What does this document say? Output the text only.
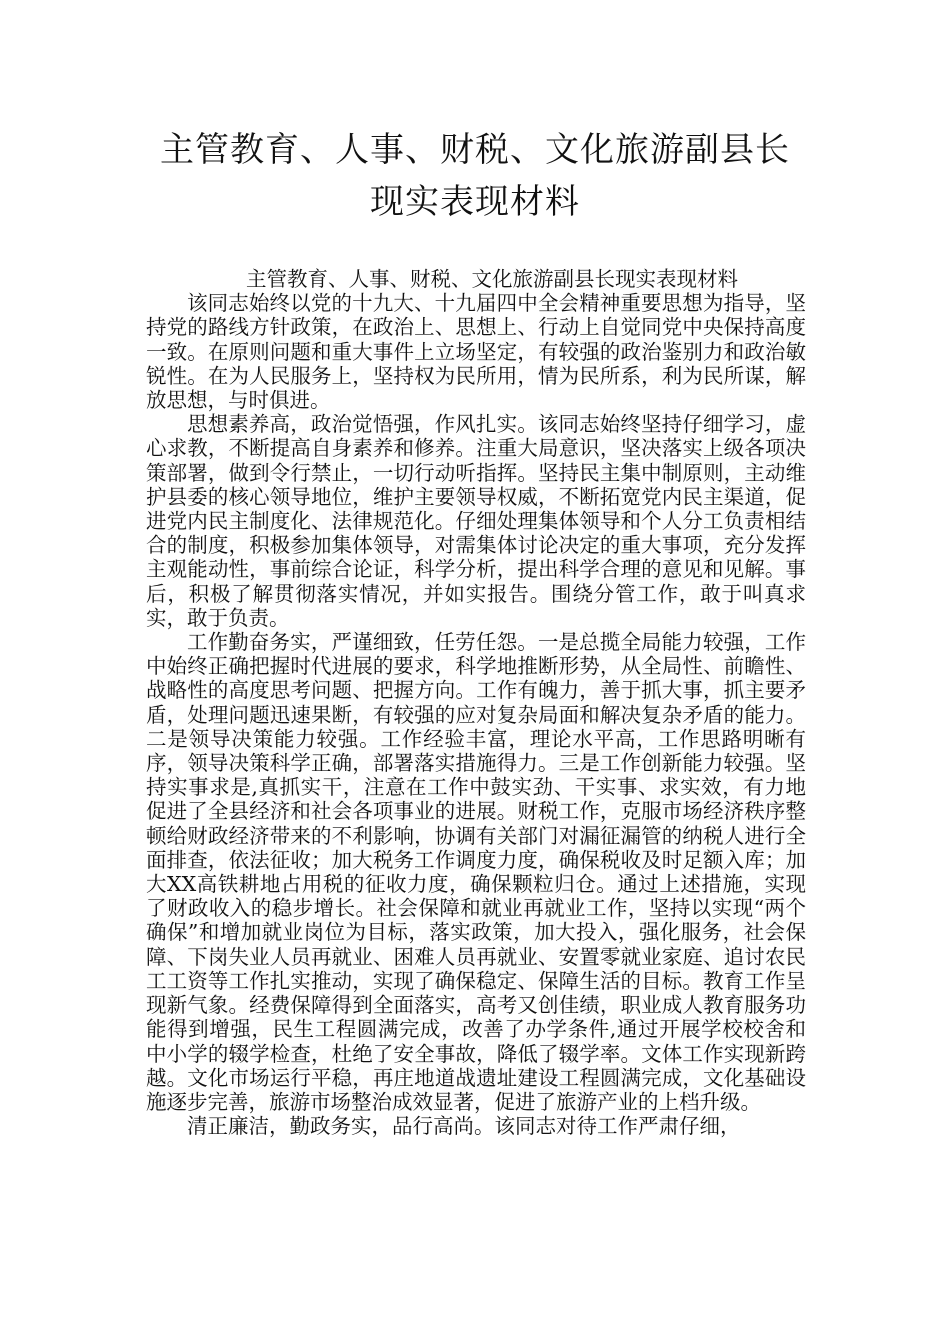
主管教育、人事、财税、文化旅游副县长
现实表现材料

主管教育、人事、财税、文化旅游副县长现实表现材料

该同志始终以党的十九大、十九届四中全会精神重要思想为指导，坚持党的路线方针政策，在政治上、思想上、行动上自觉同党中央保持高度一致。在原则问题和重大事件上立场坚定，有较强的政治鉴别力和政治敏锐性。在为人民服务上，坚持权为民所用，情为民所系，利为民所谋，解放思想，与时俱进。

思想素养高，政治觉悟强，作风扎实。该同志始终坚持仔细学习，虚心求教，不断提高自身素养和修养。注重大局意识，坚决落实上级各项决策部署，做到令行禁止，一切行动听指挥。坚持民主集中制原则，主动维护县委的核心领导地位，维护主要领导权威，不断拓宽党内民主渠道，促进党内民主制度化、法律规范化。仔细处理集体领导和个人分工负责相结合的制度，积极参加集体领导，对需集体讨论决定的重大事项，充分发挥主观能动性，事前综合论证，科学分析，提出科学合理的意见和见解。事后，积极了解贯彻落实情况，并如实报告。围绕分管工作，敢于叫真求实，敢于负责。

工作勤奋务实，严谨细致，任劳任怨。一是总揽全局能力较强，工作中始终正确把握时代进展的要求，科学地推断形势，从全局性、前瞻性、战略性的高度思考问题、把握方向。工作有魄力，善于抓大事，抓主要矛盾，处理问题迅速果断，有较强的应对复杂局面和解决复杂矛盾的能力。二是领导决策能力较强。工作经验丰富，理论水平高，工作思路明晰有序，领导决策科学正确，部署落实措施得力。三是工作创新能力较强。坚持实事求是,真抓实干，注意在工作中鼓实劲、干实事、求实效，有力地促进了全县经济和社会各项事业的进展。财税工作，克服市场经济秩序整顿给财政经济带来的不利影响，协调有关部门对漏征漏管的纳税人进行全面排查，依法征收；加大税务工作调度力度，确保税收及时足额入库；加大XX高铁耕地占用税的征收力度，确保颗粒归仓。通过上述措施，实现了财政收入的稳步增长。社会保障和就业再就业工作，坚持以实现“两个确保”和增加就业岗位为目标，落实政策，加大投入，强化服务，社会保障、下岗失业人员再就业、困难人员再就业、安置零就业家庭、追讨农民工工资等工作扎实推动，实现了确保稳定、保障生活的目标。教育工作呈现新气象。经费保障得到全面落实，高考又创佳绩，职业成人教育服务功能得到增强，民生工程圆满完成，改善了办学条件,通过开展学校校舍和中小学的辍学检查，杜绝了安全事故，降低了辍学率。文体工作实现新跨越。文化市场运行平稳，再庄地道战遗址建设工程圆满完成，文化基础设施逐步完善，旅游市场整治成效显著，促进了旅游产业的上档升级。

清正廉洁，勤政务实，品行高尚。该同志对待工作严肃仔细，
